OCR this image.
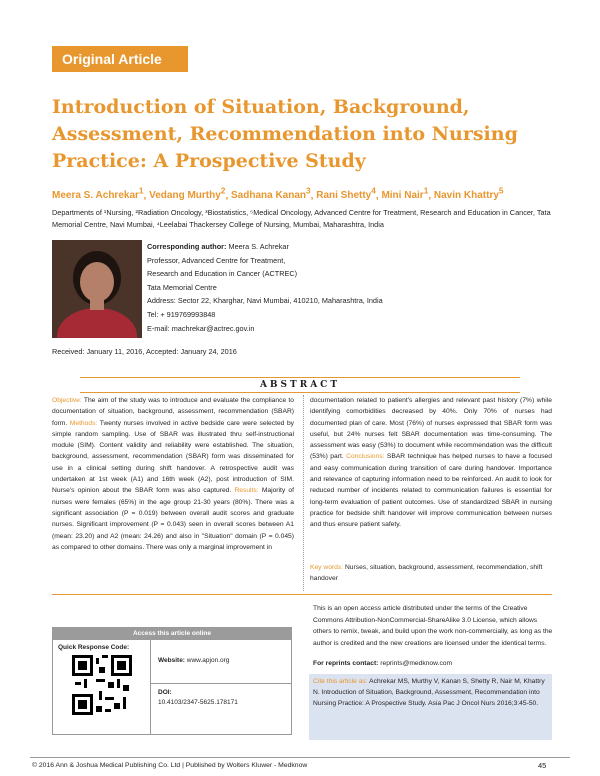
Original Article
Introduction of Situation, Background, Assessment, Recommendation into Nursing Practice: A Prospective Study
Meera S. Achrekar$^1$, Vedang Murthy$^2$, Sadhana Kanan$^3$, Rani Shetty$^4$, Mini Nair$^1$, Navin Khattry$^5$
Departments of ¹Nursing, ²Radiation Oncology, ³Biostatistics, ⁵Medical Oncology, Advanced Centre for Treatment, Research and Education in Cancer, Tata Memorial Centre, Navi Mumbai, ⁴Leelabai Thackersey College of Nursing, Mumbai, Maharashtra, India
Corresponding author: Meera S. Achrekar
Professor, Advanced Centre for Treatment,
Research and Education in Cancer (ACTREC)
Tata Memorial Centre
Address: Sector 22, Kharghar, Navi Mumbai, 410210, Maharashtra, India
Tel: + 919769993848
E-mail: machrekar@actrec.gov.in
Received: January 11, 2016, Accepted: January 24, 2016
ABSTRACT
Objective: The aim of the study was to introduce and evaluate the compliance to documentation of situation, background, assessment, recommendation (SBAR) form. Methods: Twenty nurses involved in active bedside care were selected by simple random sampling. Use of SBAR was illustrated thru self-instructional module (SIM). Content validity and reliability were established. The situation, background, assessment, recommendation (SBAR) form was disseminated for use in a clinical setting during shift handover. A retrospective audit was undertaken at 1st week (A1) and 16th week (A2), post introduction of SIM. Nurse's opinion about the SBAR form was also captured. Results: Majority of nurses were females (65%) in the age group 21-30 years (80%). There was a significant association (P = 0.019) between overall audit scores and graduate nurses. Significant improvement (P = 0.043) seen in overall scores between A1 (mean: 23.20) and A2 (mean: 24.26) and also in "Situation" domain (P = 0.045) as compared to other domains. There was only a marginal improvement in
documentation related to patient's allergies and relevant past history (7%) while identifying comorbidities decreased by 40%. Only 70% of nurses had documented plan of care. Most (76%) of nurses expressed that SBAR form was useful, but 24% nurses felt SBAR documentation was time-consuming. The assessment was easy (53%) to document while recommendation was the difficult (53%) part. Conclusions: SBAR technique has helped nurses to have a focused and easy communication during transition of care during handover. Importance and relevance of capturing information need to be reinforced. An audit to look for reduced number of incidents related to communication failures is essential for long-term evaluation of patient outcomes. Use of standardized SBAR in nursing practice for bedside shift handover will improve communication between nurses and thus ensure patient safety.
Key words: Nurses, situation, background, assessment, recommendation, shift handover
Access this article online
Quick Response Code:
Website: www.apjon.org
DOI:
10.4103/2347-5625.178171
This is an open access article distributed under the terms of the Creative Commons Attribution-NonCommercial-ShareAlike 3.0 License, which allows others to remix, tweak, and build upon the work non-commercially, as long as the author is credited and the new creations are licensed under the identical terms.
For reprints contact: reprints@medknow.com
Cite this article as: Achrekar MS, Murthy V, Kanan S, Shetty R, Nair M, Khattry N. Introduction of Situation, Background, Assessment, Recommendation into Nursing Practice: A Prospective Study. Asia Pac J Oncol Nurs 2016;3:45-50.
© 2016 Ann & Joshua Medical Publishing Co. Ltd | Published by Wolters Kluwer - Medknow	45
